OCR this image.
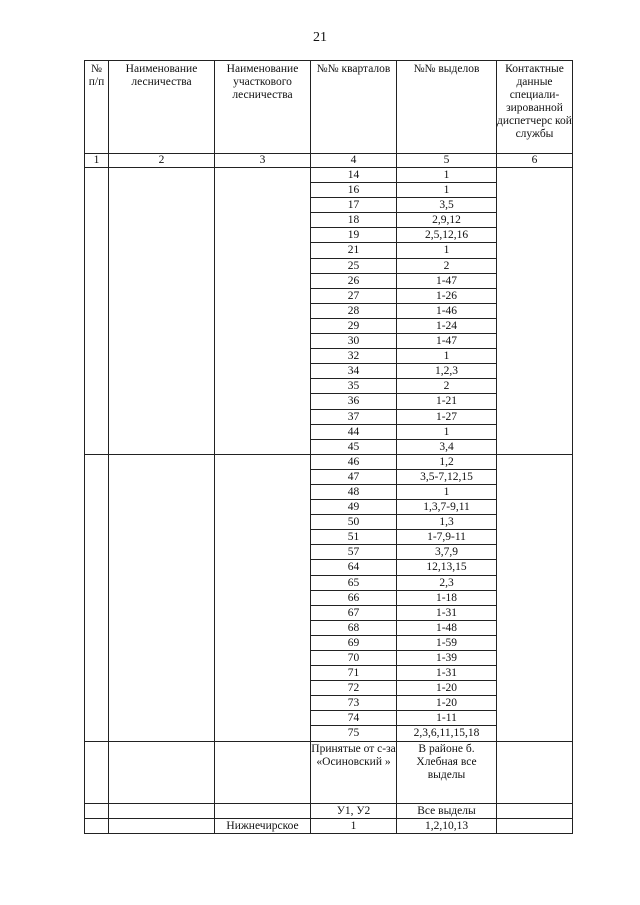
21
№ п/п	Наименование лесничества	Наименование участкового лесничества	№№ кварталов	№№ выделов	Контактные данные специали- зированной диспетчерс кой службы
1	2	3	4	5	6
			14	1	
			16	1	
			17	3,5	
			18	2,9,12	
			19	2,5,12,16	
			21	1	
			25	2	
			26	1-47	
			27	1-26	
			28	1-46	
			29	1-24	
			30	1-47	
			32	1	
			34	1,2,3	
			35	2	
			36	1-21	
			37	1-27	
			44	1	
			45	3,4	
			46	1,2	
			47	3,5-7,12,15	
			48	1	
			49	1,3,7-9,11	
			50	1,3	
			51	1-7,9-11	
			57	3,7,9	
			64	12,13,15	
			65	2,3	
			66	1-18	
			67	1-31	
			68	1-48	
			69	1-59	
			70	1-39	
			71	1-31	
			72	1-20	
			73	1-20	
			74	1-11	
			75	2,3,6,11,15,18	
			Принятые от с-за «Осиновский »	В районе б. Хлебная все выделы	
			У1, У2	Все выделы	
		Нижнечирское	1	1,2,10,13	
